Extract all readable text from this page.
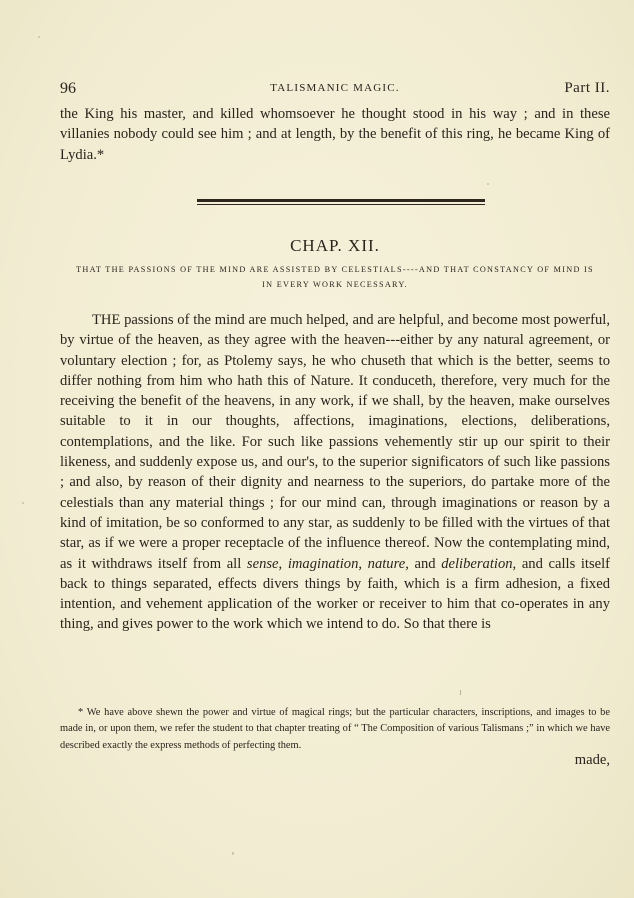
96	TALISMANIC MAGIC.	Part II.

the King his master, and killed whomsoever he thought stood in his way ; and in these villanies nobody could see him ; and at length, by the benefit of this ring, he became King of Lydia.*

CHAP. XII.
THAT THE PASSIONS OF THE MIND ARE ASSISTED BY CELESTIALS----AND THAT CONSTANCY OF MIND IS IN EVERY WORK NECESSARY.

THE passions of the mind are much helped, and are helpful, and become most powerful, by virtue of the heaven, as they agree with the heaven---either by any natural agreement, or voluntary election ; for, as Ptolemy says, he who chuseth that which is the better, seems to differ nothing from him who hath this of Nature. It conduceth, therefore, very much for the receiving the benefit of the heavens, in any work, if we shall, by the heaven, make ourselves suitable to it in our thoughts, affections, imaginations, elections, deliberations, contemplations, and the like. For such like passions vehemently stir up our spirit to their likeness, and suddenly expose us, and our's, to the superior significators of such like passions ; and also, by reason of their dignity and nearness to the superiors, do partake more of the celestials than any material things ; for our mind can, through imaginations or reason by a kind of imitation, be so conformed to any star, as suddenly to be filled with the virtues of that star, as if we were a proper receptacle of the influence thereof. Now the contemplating mind, as it withdraws itself from all sense, imagination, nature, and deliberation, and calls itself back to things separated, effects divers things by faith, which is a firm adhesion, a fixed intention, and vehement application of the worker or receiver to him that co-operates in any thing, and gives power to the work which we intend to do. So that there is

* We have above shewn the power and virtue of magical rings; but the particular characters, inscriptions, and images to be made in, or upon them, we refer the student to that chapter treating of “ The Composition of various Talismans ;” in which we have described exactly the express methods of perfecting them.

made,
